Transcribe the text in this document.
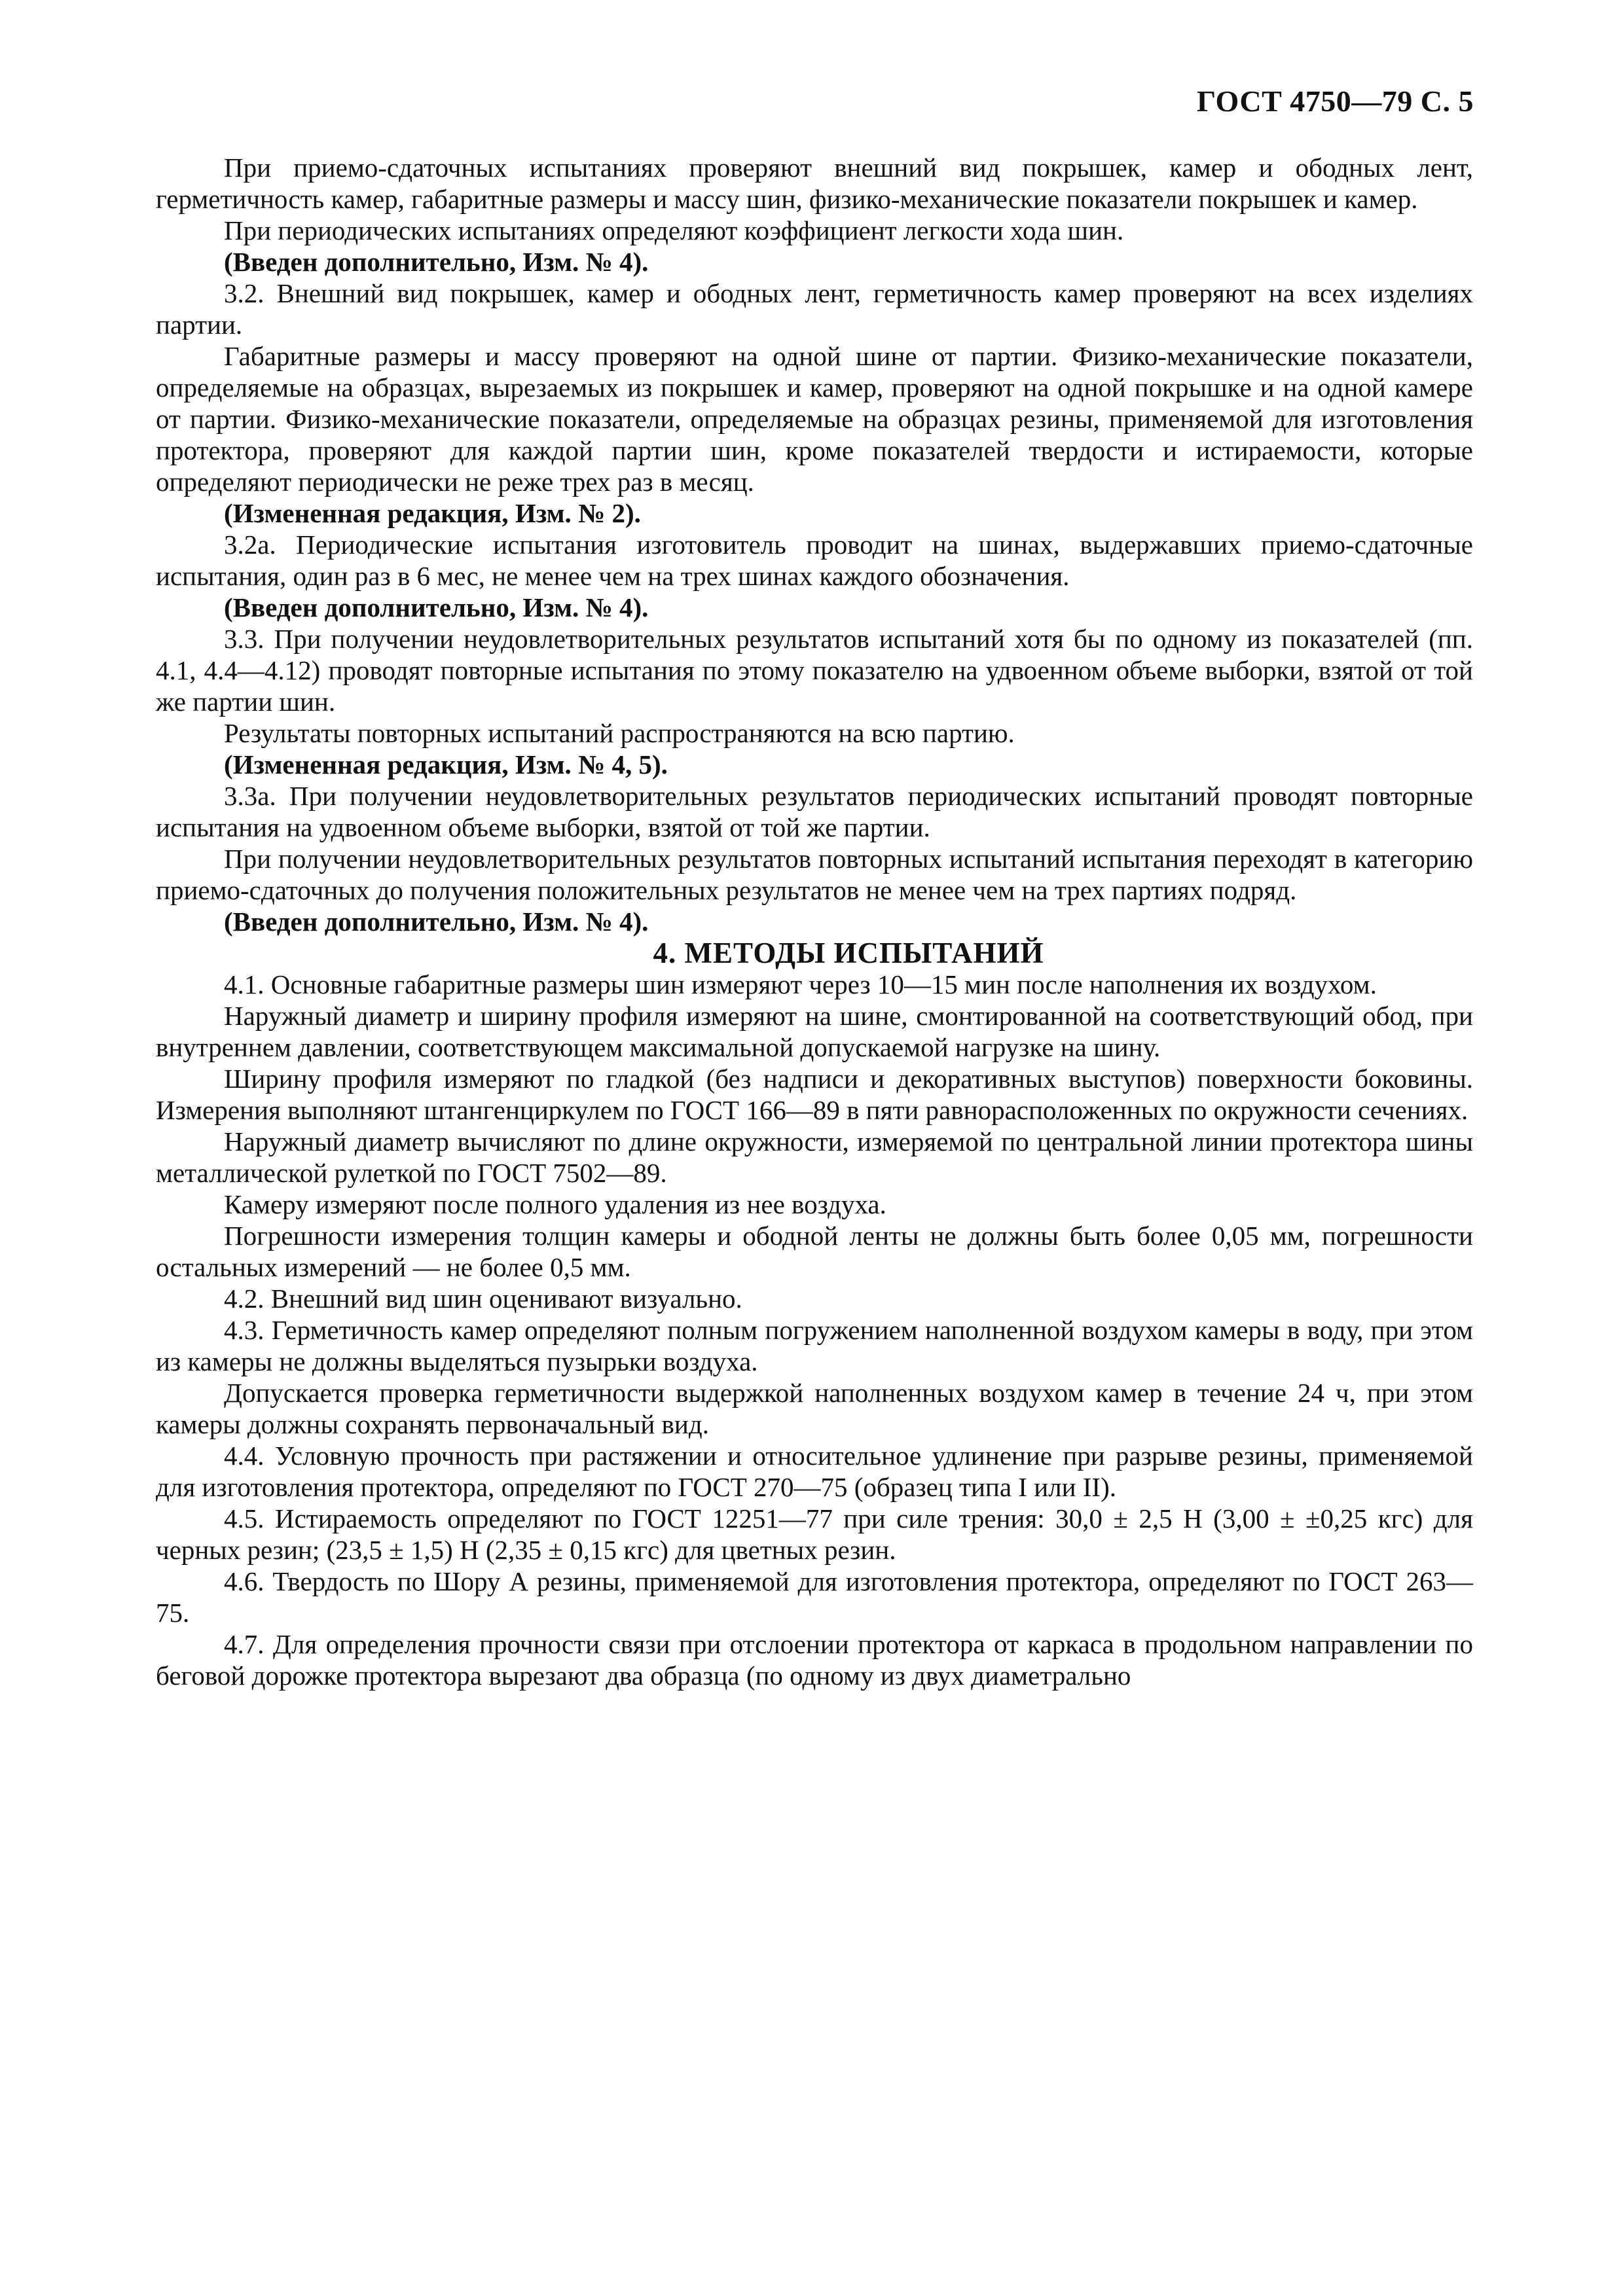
ГОСТ 4750—79 С. 5

При приемо-сдаточных испытаниях проверяют внешний вид покрышек, камер и ободных лент, герметичность камер, габаритные размеры и массу шин, физико-механические показатели покрышек и камер.

При периодических испытаниях определяют коэффициент легкости хода шин.

(Введен дополнительно, Изм. № 4).

3.2. Внешний вид покрышек, камер и ободных лент, герметичность камер проверяют на всех изделиях партии.

Габаритные размеры и массу проверяют на одной шине от партии. Физико-механические показатели, определяемые на образцах, вырезаемых из покрышек и камер, проверяют на одной покрышке и на одной камере от партии. Физико-механические показатели, определяемые на образцах резины, применяемой для изготовления протектора, проверяют для каждой партии шин, кроме показателей твердости и истираемости, которые определяют периодически не реже трех раз в месяц.

(Измененная редакция, Изм. № 2).

3.2а. Периодические испытания изготовитель проводит на шинах, выдержавших приемо-сдаточные испытания, один раз в 6 мес, не менее чем на трех шинах каждого обозначения.

(Введен дополнительно, Изм. № 4).

3.3. При получении неудовлетворительных результатов испытаний хотя бы по одному из показателей (пп. 4.1, 4.4—4.12) проводят повторные испытания по этому показателю на удвоенном объеме выборки, взятой от той же партии шин.

Результаты повторных испытаний распространяются на всю партию.

(Измененная редакция, Изм. № 4, 5).

3.3а. При получении неудовлетворительных результатов периодических испытаний проводят повторные испытания на удвоенном объеме выборки, взятой от той же партии.

При получении неудовлетворительных результатов повторных испытаний испытания переходят в категорию приемо-сдаточных до получения положительных результатов не менее чем на трех партиях подряд.

(Введен дополнительно, Изм. № 4).

4. МЕТОДЫ ИСПЫТАНИЙ

4.1. Основные габаритные размеры шин измеряют через 10—15 мин после наполнения их воздухом.

Наружный диаметр и ширину профиля измеряют на шине, смонтированной на соответствующий обод, при внутреннем давлении, соответствующем максимальной допускаемой нагрузке на шину.

Ширину профиля измеряют по гладкой (без надписи и декоративных выступов) поверхности боковины. Измерения выполняют штангенциркулем по ГОСТ 166—89 в пяти равнорасположенных по окружности сечениях.

Наружный диаметр вычисляют по длине окружности, измеряемой по центральной линии протектора шины металлической рулеткой по ГОСТ 7502—89.

Камеру измеряют после полного удаления из нее воздуха.

Погрешности измерения толщин камеры и ободной ленты не должны быть более 0,05 мм, погрешности остальных измерений — не более 0,5 мм.

4.2. Внешний вид шин оценивают визуально.

4.3. Герметичность камер определяют полным погружением наполненной воздухом камеры в воду, при этом из камеры не должны выделяться пузырьки воздуха.

Допускается проверка герметичности выдержкой наполненных воздухом камер в течение 24 ч, при этом камеры должны сохранять первоначальный вид.

4.4. Условную прочность при растяжении и относительное удлинение при разрыве резины, применяемой для изготовления протектора, определяют по ГОСТ 270—75 (образец типа I или II).

4.5. Истираемость определяют по ГОСТ 12251—77 при силе трения: 30,0 ± 2,5 Н (3,00 ± ±0,25 кгс) для черных резин; (23,5 ± 1,5) Н (2,35 ± 0,15 кгс) для цветных резин.

4.6. Твердость по Шору А резины, применяемой для изготовления протектора, определяют по ГОСТ 263—75.

4.7. Для определения прочности связи при отслоении протектора от каркаса в продольном направлении по беговой дорожке протектора вырезают два образца (по одному из двух диаметрально
